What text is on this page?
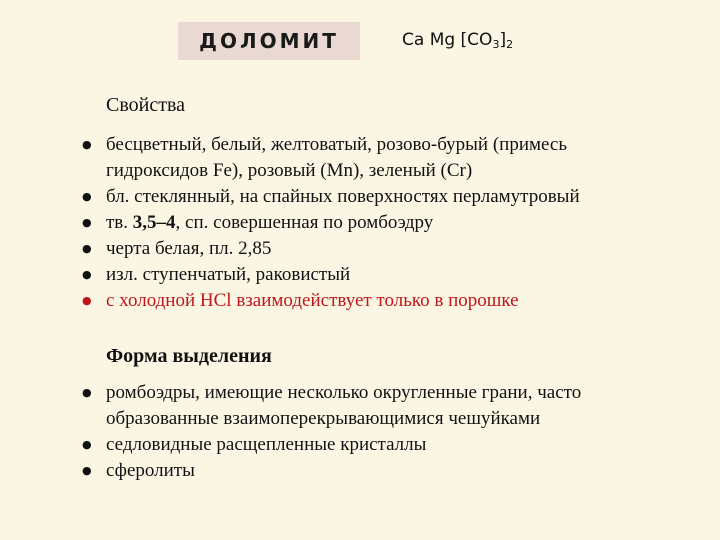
ДОЛОМИТ	Ca Mg $[CO_3]_2$
Свойства
● бесцветный, белый, желтоватый, розово-бурый (примесь гидроксидов Fe), розовый (Mn), зеленый (Cr)
● бл. стеклянный, на спайных поверхностях перламутровый
● тв. 3,5–4, сп. совершенная по ромбоэдру
● черта белая, пл. 2,85
● изл. ступенчатый, раковистый
● с холодной HCl взаимодействует только в порошке
Форма выделения
● ромбоэдры, имеющие несколько округленные грани, часто образованные взаимоперекрывающимися чешуйками
● седловидные расщепленные кристаллы
● сферолиты
